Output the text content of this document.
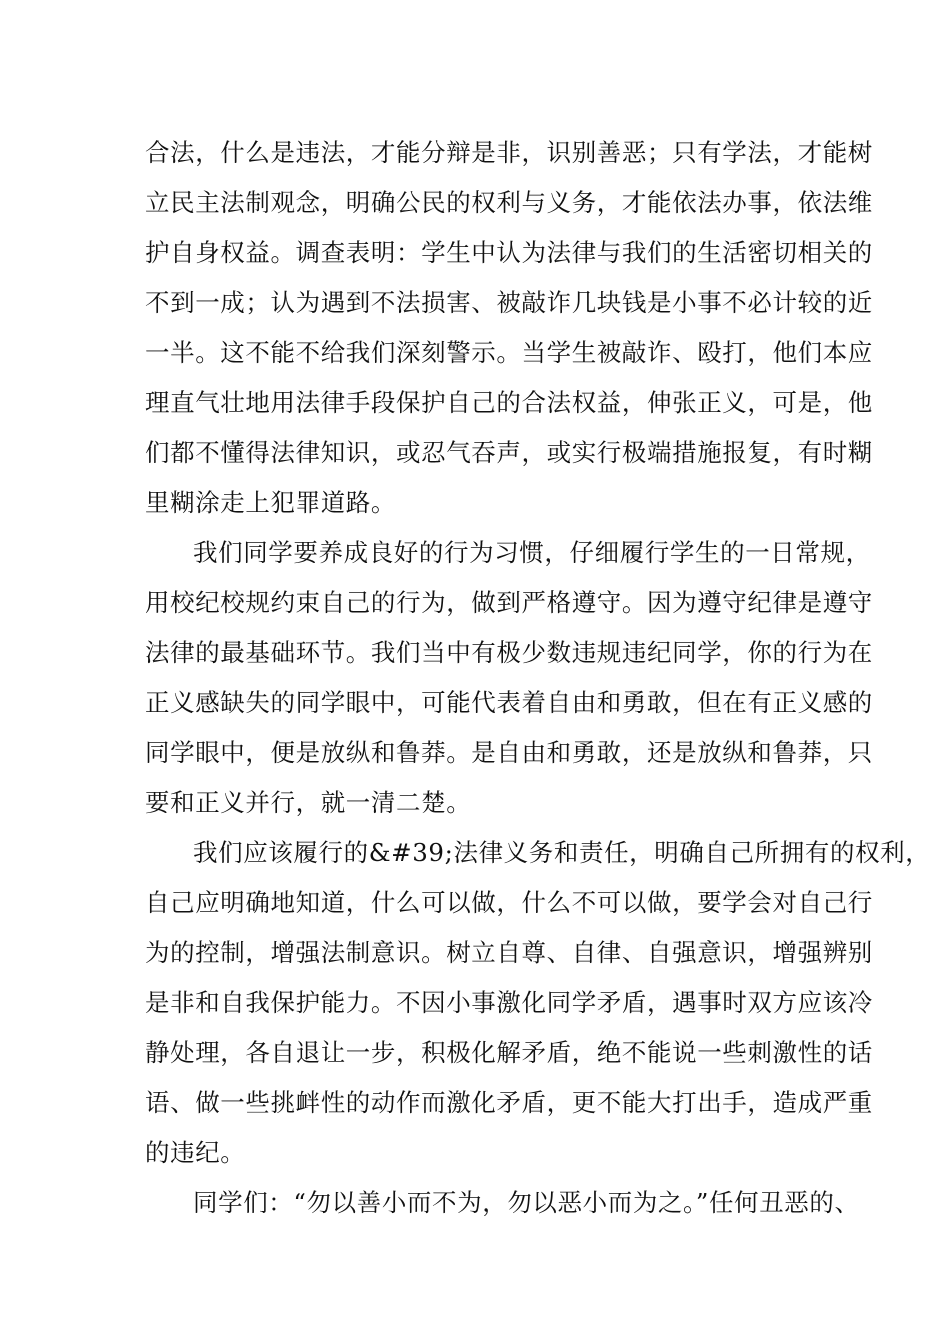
合法，什么是违法，才能分辩是非，识别善恶；只有学法，才能树
立民主法制观念，明确公民的权利与义务，才能依法办事，依法维
护自身权益。调查表明：学生中认为法律与我们的生活密切相关的
不到一成；认为遇到不法损害、被敲诈几块钱是小事不必计较的近
一半。这不能不给我们深刻警示。当学生被敲诈、殴打，他们本应
理直气壮地用法律手段保护自己的合法权益，伸张正义，可是，他
们都不懂得法律知识，或忍气吞声，或实行极端措施报复，有时糊
里糊涂走上犯罪道路。
我们同学要养成良好的行为习惯，仔细履行学生的一日常规，
用校纪校规约束自己的行为，做到严格遵守。因为遵守纪律是遵守
法律的最基础环节。我们当中有极少数违规违纪同学，你的行为在
正义感缺失的同学眼中，可能代表着自由和勇敢，但在有正义感的
同学眼中，便是放纵和鲁莽。是自由和勇敢，还是放纵和鲁莽，只
要和正义并行，就一清二楚。
我们应该履行的&#39;法律义务和责任，明确自己所拥有的权利，
自己应明确地知道，什么可以做，什么不可以做，要学会对自己行
为的控制，增强法制意识。树立自尊、自律、自强意识，增强辨别
是非和自我保护能力。不因小事激化同学矛盾，遇事时双方应该冷
静处理，各自退让一步，积极化解矛盾，绝不能说一些刺激性的话
语、做一些挑衅性的动作而激化矛盾，更不能大打出手，造成严重
的违纪。
同学们：“勿以善小而不为，勿以恶小而为之。”任何丑恶的、
